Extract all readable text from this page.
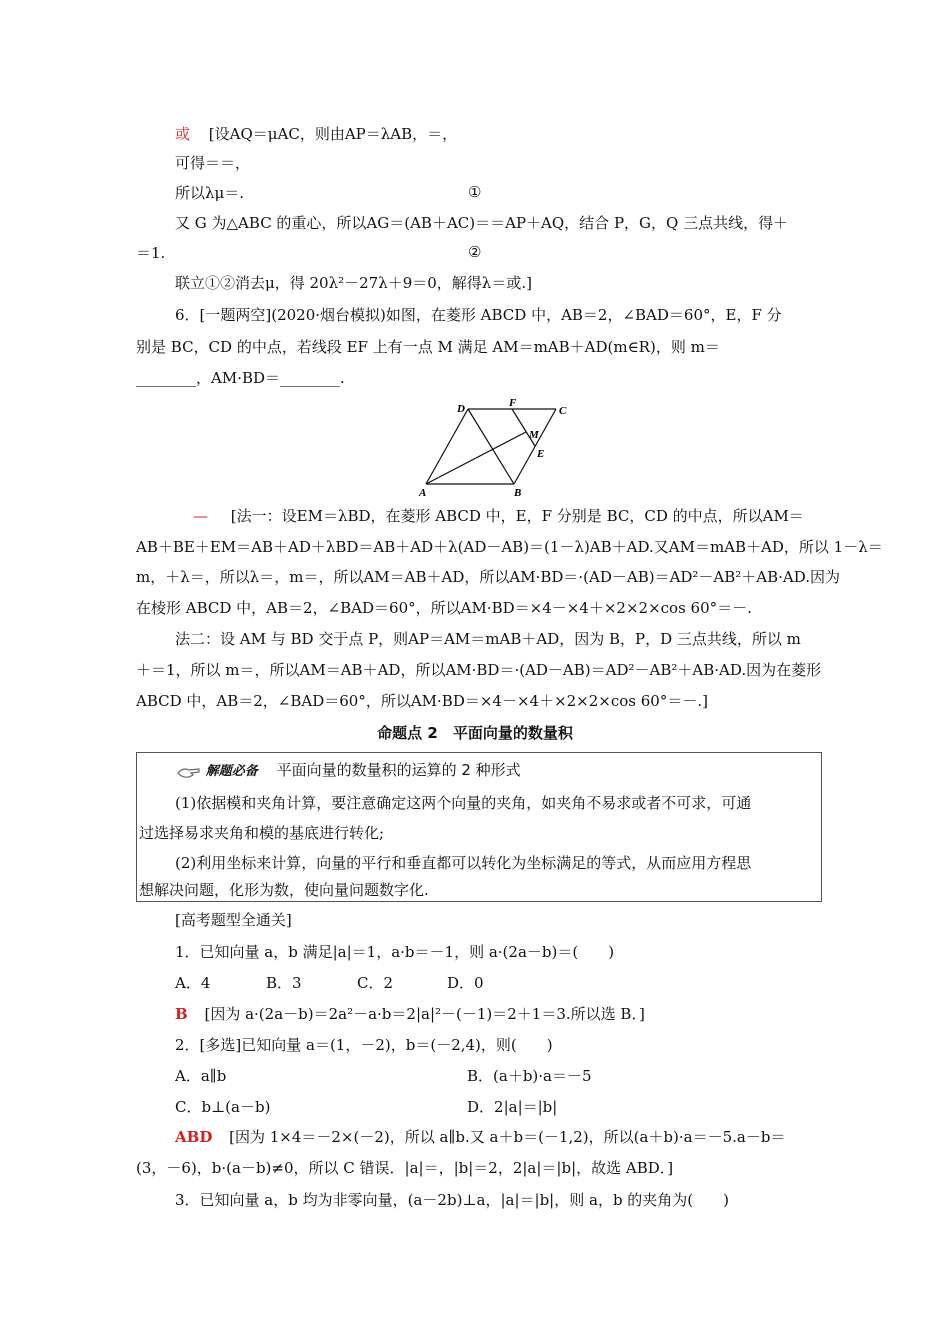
或 [设AQ＝μAC，则由AP＝λAB，＝，
可得＝＝，
所以λμ＝.	①
又 G 为△ABC 的重心，所以AG＝(AB＋AC)＝＝AP＋AQ，结合 P，G，Q 三点共线，得＋
＝1.	②
联立①②消去μ，得 20λ²－27λ＋9＝0，解得λ＝或.]
6．[一题两空](2020·烟台模拟)如图，在菱形 ABCD 中，AB＝2，∠BAD＝60°，E，F 分
别是 BC，CD 的中点，若线段 EF 上有一点 M 满足 AM＝mAB＋AD(m∈R)，则 m＝
________，AM·BD＝________.
A	B
C
D	F
M
E
— [法一：设EM＝λBD，在菱形 ABCD 中，E，F 分别是 BC，CD 的中点，所以AM＝
AB＋BE＋EM＝AB＋AD＋λBD＝AB＋AD＋λ(AD－AB)＝(1－λ)AB＋AD.又AM＝mAB＋AD，所以 1－λ＝
m，＋λ＝，所以λ＝，m＝，所以AM＝AB＋AD，所以AM·BD＝·(AD－AB)＝AD²－AB²＋AB·AD.因为
在棱形 ABCD 中，AB＝2，∠BAD＝60°，所以AM·BD＝×4－×4＋×2×2×cos 60°＝－.
法二：设 AM 与 BD 交于点 P，则AP＝AM＝mAB＋AD，因为 B，P，D 三点共线，所以 m
＋＝1，所以 m＝，所以AM＝AB＋AD，所以AM·BD＝·(AD－AB)＝AD²－AB²＋AB·AD.因为在菱形
ABCD 中，AB＝2，∠BAD＝60°，所以AM·BD＝×4－×4＋×2×2×cos 60°＝－.]
命题点 2　平面向量的数量积
解题必备 平面向量的数量积的运算的 2 种形式
(1)依据模和夹角计算，要注意确定这两个向量的夹角，如夹角不易求或者不可求，可通
过选择易求夹角和模的基底进行转化;
(2)利用坐标来计算，向量的平行和垂直都可以转化为坐标满足的等式，从而应用方程思
想解决问题，化形为数，使向量问题数字化.
[高考题型全通关]
1．已知向量 a，b 满足|a|＝1，a·b＝－1，则 a·(2a－b)＝(　　)
A．4	B．3	C．2	D．0
B [因为 a·(2a－b)＝2a²－a·b＝2|a|²－(－1)＝2＋1＝3.所以选 B．]
2．[多选]已知向量 a＝(1，－2)，b＝(－2,4)，则(　　)
A．a∥b	B．(a＋b)·a＝－5
C．b⊥(a－b)	D．2|a|＝|b|
ABD [因为 1×4＝－2×(－2)，所以 a∥b.又 a＋b＝(－1,2)，所以(a＋b)·a＝－5.a－b＝
(3，－6)，b·(a－b)≠0，所以 C 错误．|a|＝，|b|＝2，2|a|＝|b|，故选 ABD．]
3．已知向量 a，b 均为非零向量，(a－2b)⊥a，|a|＝|b|，则 a，b 的夹角为(　　)
